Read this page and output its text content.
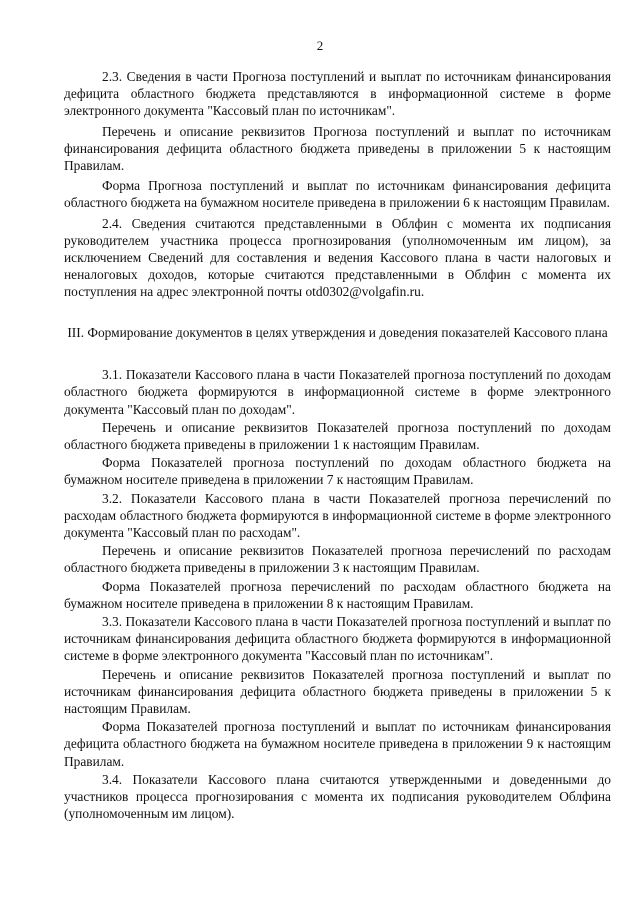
2

2.3. Сведения в части Прогноза поступлений и выплат по источникам финансирования дефицита областного бюджета представляются в информационной системе в форме электронного документа "Кассовый план по источникам".

Перечень и описание реквизитов Прогноза поступлений и выплат по источникам финансирования дефицита областного бюджета приведены в приложении 5 к настоящим Правилам.

Форма Прогноза поступлений и выплат по источникам финансирования дефицита областного бюджета на бумажном носителе приведена в приложении 6 к настоящим Правилам.

2.4. Сведения считаются представленными в Облфин с момента их подписания руководителем участника процесса прогнозирования (уполномоченным им лицом), за исключением Сведений для составления и ведения Кассового плана в части налоговых и неналоговых доходов, которые считаются представленными в Облфин с момента их поступления на адрес электронной почты otd0302@volgafin.ru.

III. Формирование документов в целях утверждения и доведения показателей Кассового плана

3.1. Показатели Кассового плана в части Показателей прогноза поступлений по доходам областного бюджета формируются в информационной системе в форме электронного документа "Кассовый план по доходам".

Перечень и описание реквизитов Показателей прогноза поступлений по доходам областного бюджета приведены в приложении 1 к настоящим Правилам.

Форма Показателей прогноза поступлений по доходам областного бюджета на бумажном носителе приведена в приложении 7 к настоящим Правилам.

3.2. Показатели Кассового плана в части Показателей прогноза перечислений по расходам областного бюджета формируются в информационной системе в форме электронного документа "Кассовый план по расходам".

Перечень и описание реквизитов Показателей прогноза перечислений по расходам областного бюджета приведены в приложении 3 к настоящим Правилам.

Форма Показателей прогноза перечислений по расходам областного бюджета на бумажном носителе приведена в приложении 8 к настоящим Правилам.

3.3. Показатели Кассового плана в части Показателей прогноза поступлений и выплат по источникам финансирования дефицита областного бюджета формируются в информационной системе в форме электронного документа "Кассовый план по источникам".

Перечень и описание реквизитов Показателей прогноза поступлений и выплат по источникам финансирования дефицита областного бюджета приведены в приложении 5 к настоящим Правилам.

Форма Показателей прогноза поступлений и выплат по источникам финансирования дефицита областного бюджета на бумажном носителе приведена в приложении 9 к настоящим Правилам.

3.4. Показатели Кассового плана считаются утвержденными и доведенными до участников процесса прогнозирования с момента их подписания руководителем Облфина (уполномоченным им лицом).
